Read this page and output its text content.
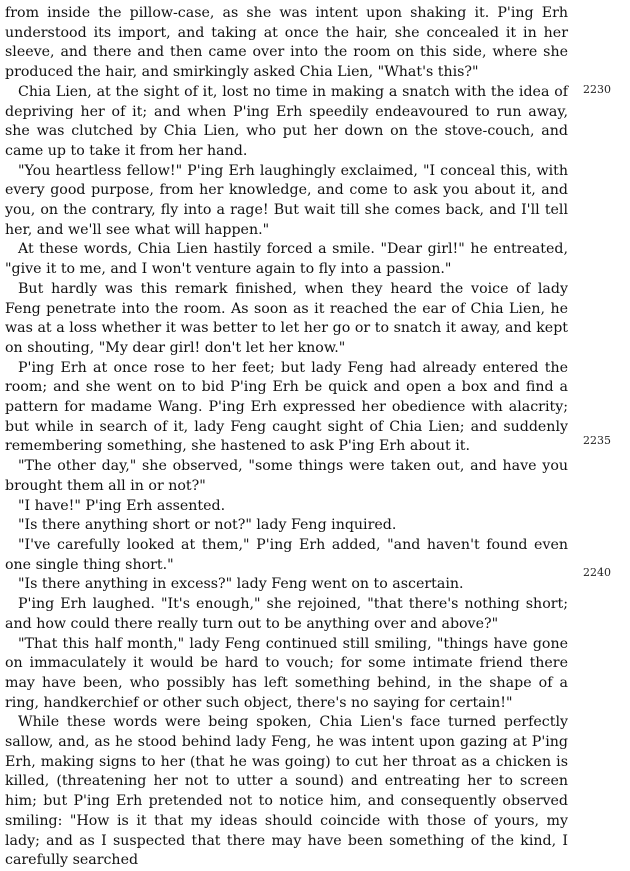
from inside the pillow-case, as she was intent upon shaking it. P'ing Erh understood its import, and taking at once the hair, she concealed it in her sleeve, and there and then came over into the room on this side, where she produced the hair, and smirkingly asked Chia Lien, "What's this?"

Chia Lien, at the sight of it, lost no time in making a snatch with the idea of depriving her of it; and when P'ing Erh speedily endeavoured to run away, she was clutched by Chia Lien, who put her down on the stove-couch, and came up to take it from her hand.

"You heartless fellow!" P'ing Erh laughingly exclaimed, "I conceal this, with every good purpose, from her knowledge, and come to ask you about it, and you, on the contrary, fly into a rage! But wait till she comes back, and I'll tell her, and we'll see what will happen."

At these words, Chia Lien hastily forced a smile. "Dear girl!" he entreated, "give it to me, and I won't venture again to fly into a passion."

But hardly was this remark finished, when they heard the voice of lady Feng penetrate into the room. As soon as it reached the ear of Chia Lien, he was at a loss whether it was better to let her go or to snatch it away, and kept on shouting, "My dear girl! don't let her know."

P'ing Erh at once rose to her feet; but lady Feng had already entered the room; and she went on to bid P'ing Erh be quick and open a box and find a pattern for madame Wang. P'ing Erh expressed her obedience with alacrity; but while in search of it, lady Feng caught sight of Chia Lien; and suddenly remembering something, she hastened to ask P'ing Erh about it.

"The other day," she observed, "some things were taken out, and have you brought them all in or not?"

"I have!" P'ing Erh assented.

"Is there anything short or not?" lady Feng inquired.

"I've carefully looked at them," P'ing Erh added, "and haven't found even one single thing short."

"Is there anything in excess?" lady Feng went on to ascertain.

P'ing Erh laughed. "It's enough," she rejoined, "that there's nothing short; and how could there really turn out to be anything over and above?"

"That this half month," lady Feng continued still smiling, "things have gone on immaculately it would be hard to vouch; for some intimate friend there may have been, who possibly has left something behind, in the shape of a ring, handkerchief or other such object, there's no saying for certain!"

While these words were being spoken, Chia Lien's face turned perfectly sallow, and, as he stood behind lady Feng, he was intent upon gazing at P'ing Erh, making signs to her (that he was going) to cut her throat as a chicken is killed, (threatening her not to utter a sound) and entreating her to screen him; but P'ing Erh pretended not to notice him, and consequently observed smiling: "How is it that my ideas should coincide with those of yours, my lady; and as I suspected that there may have been something of the kind, I carefully searched

2230
2235
2240
